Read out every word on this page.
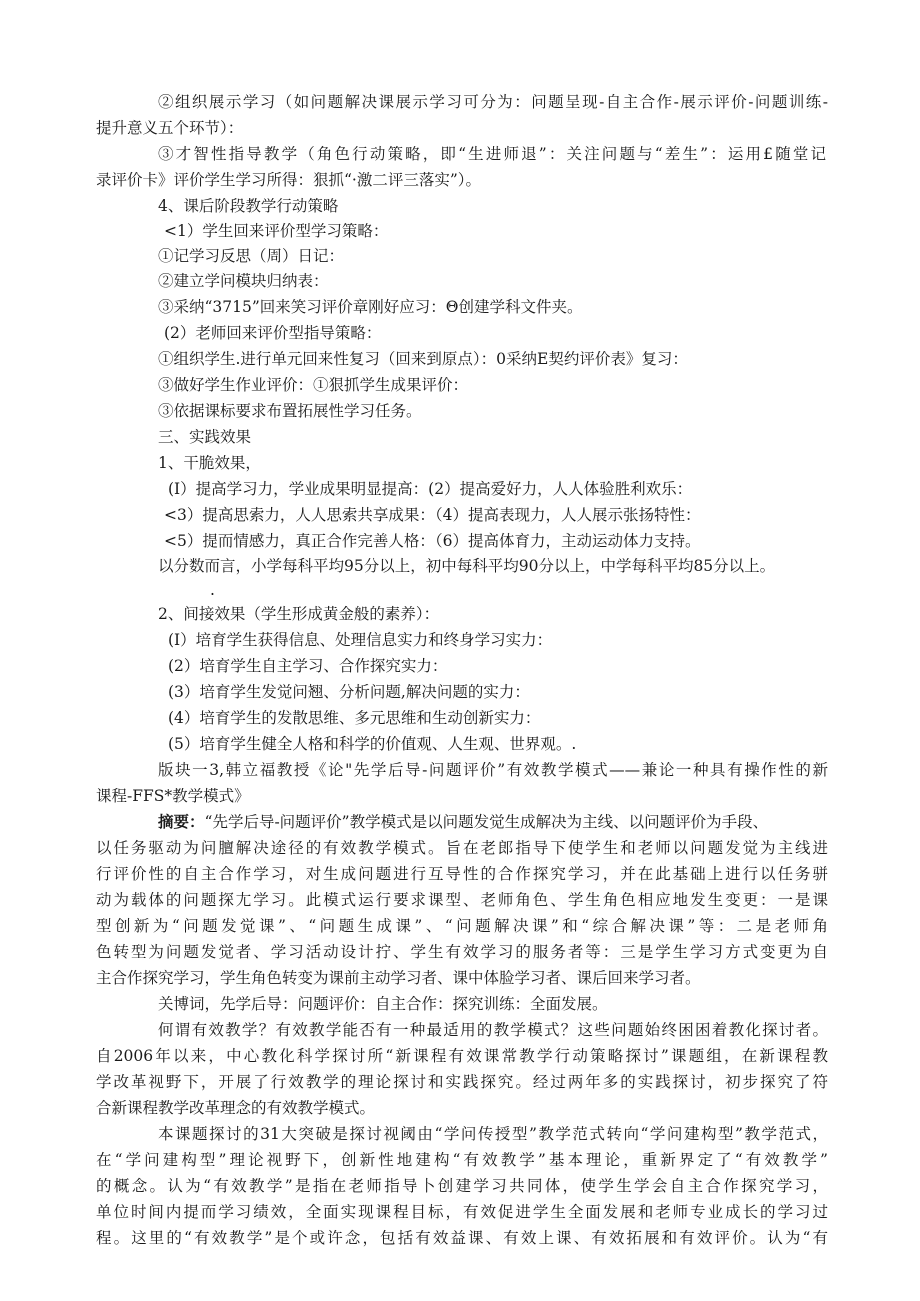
②组织展示学习（如问题解决课展示学习可分为：问题呈现-自主合作-展示评价-问题训练-
提升意义五个环节）：
③才智性指导教学（角色行动策略，即“生进师退”：关注问题与“差生”：运用£随堂记
录评价卡》评价学生学习所得：狠抓“·激二评三落实”）。
4、课后阶段教学行动策略
<1）学生回来评价型学习策略：
①记学习反思（周）日记：
②建立学问模块归纳表：
③采纳“3715”回来笑习评价章刚好应习：Θ创建学科文件夹。
(2）老师回来评价型指导策略：
①组织学生.进行单元回来性复习（回来到原点）：0采纳E契约评价表》复习：
③做好学生作业评价：①狠抓学生成果评价：
③依据课标要求布置拓展性学习任务。
三、实践效果
1、干脆效果，
(I）提高学习力，学业成果明显提高：(2）提高爱好力，人人体验胜利欢乐：
<3）提高思索力，人人思索共享成果：（4）提高表现力，人人展示张扬特性：
<5）提而情感力，真正合作完善人格：（6）提高体育力，主动运动体力支持。
以分数而言，小学每科平均95分以上，初中每科平均90分以上，中学每科平均85分以上。
.
2、间接效果（学生形成黄金般的素养）：
(I）培育学生获得信息、处理信息实力和终身学习实力：
(2）培育学生自主学习、合作探究实力：
(3）培育学生发觉问翘、分析问题,解决问题的实力：
(4）培育学生的发散思维、多元思维和生动创新实力：
(5）培育学生健全人格和科学的价值观、人生观、世界观。.
版块一3,韩立福教授《论"先学后导-问题评价”有效教学模式——兼论一种具有操作性的新
课程-FFS*教学模式》
摘要：“先学后导-问题评价”教学模式是以问题发觉生成解决为主线、以问题评价为手段、
以任务驱动为问膻解决途径的有效教学模式。旨在老郎指导下使学生和老师以问题发觉为主线进
行评价性的自主合作学习，对生成问题进行互导性的合作探究学习，并在此基础上进行以任务骈
动为载体的问题探尢学习。此模式运行要求课型、老师角色、学生角色相应地发生变更：一是课
型创新为“问题发觉课”、“问题生成课”、“问题解决课”和“综合解决课”等：二是老师角
色转型为问题发觉者、学习活动设计拧、学生有效学习的服务者等：三是学生学习方式变更为自
主合作探究学习，学生角色转变为课前主动学习者、课中体脸学习者、课后回来学习者。
关博词，先学后导：问题评价：自主合作：探究训练：全面发展。
何谓有效教学？有效教学能否有一种最适用的教学模式？这些问题始终困困着教化探讨者。
自2006年以来，中心教化科学探讨所“新课程有效课常教学行动策略探讨”课题组，在新课程教
学改革视野下，开展了行效教学的理论探讨和实践探究。经过两年多的实践探讨，初步探究了符
合新课程教学改革理念的有效教学模式。
本课题探讨的31大突破是探讨视阈由“学问传授型”教学范式转向“学问建构型”教学范式，
在“学问建构型”理论视野下，创新性地建构“有效教学”基本理论，重新界定了“有效教学”
的概念。认为“有效教学”是指在老师指导卜创建学习共同体，使学生学会自主合作探究学习，
单位时间内提而学习绩效，全面实现课程目标，有效促进学生全面发展和老师专业成长的学习过
程。这里的“有效教学”是个或许念，包括有效益课、有效上课、有效拓展和有效评价。认为“有
